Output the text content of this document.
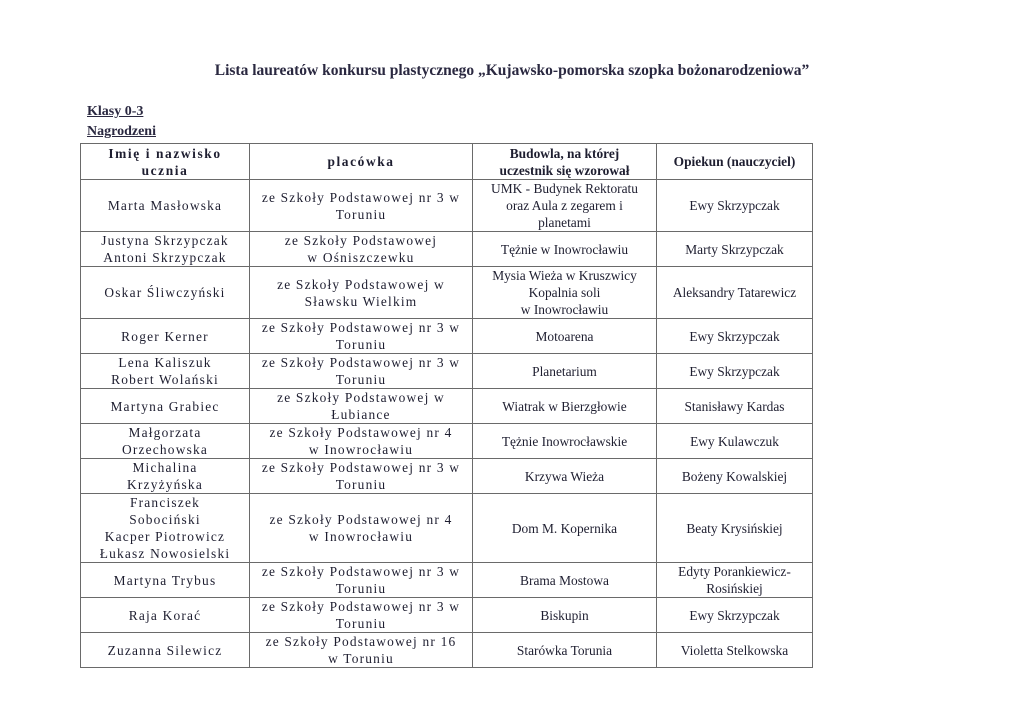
Lista laureatów konkursu plastycznego „Kujawsko-pomorska szopka bożonarodzeniowa”
Klasy 0-3
Nagrodzeni
Imię i nazwisko
ucznia	placówka	Budowla, na której
uczestnik się wzorował	Opiekun (nauczyciel)

Marta Masłowska	ze Szkoły Podstawowej nr 3 w
Toruniu	UMK - Budynek Rektoratu
oraz Aula z zegarem i
planetami	Ewy Skrzypczak

Justyna Skrzypczak
Antoni Skrzypczak	ze Szkoły Podstawowej
w Ośniszczewku	Tężnie w Inowrocławiu	Marty Skrzypczak

Oskar Śliwczyński	ze Szkoły Podstawowej w
Sławsku Wielkim	Mysia Wieża w Kruszwicy
Kopalnia soli
w Inowrocławiu	Aleksandry Tatarewicz

Roger Kerner	ze Szkoły Podstawowej nr 3 w
Toruniu	Motoarena	Ewy Skrzypczak

Lena Kaliszuk
Robert Wolański	ze Szkoły Podstawowej nr 3 w
Toruniu	Planetarium	Ewy Skrzypczak

Martyna Grabiec	ze Szkoły Podstawowej w
Łubiance	Wiatrak w Bierzgłowie	Stanisławy Kardas

Małgorzata
Orzechowska	ze Szkoły Podstawowej nr 4
w Inowrocławiu	Tężnie Inowrocławskie	Ewy Kulawczuk

Michalina
Krzyżyńska	ze Szkoły Podstawowej nr 3 w
Toruniu	Krzywa Wieża	Bożeny Kowalskiej

Franciszek
Sobociński
Kacper Piotrowicz
Łukasz Nowosielski	ze Szkoły Podstawowej nr 4
w Inowrocławiu	Dom M. Kopernika	Beaty Krysińskiej

Martyna Trybus	ze Szkoły Podstawowej nr 3 w
Toruniu	Brama Mostowa	Edyty Porankiewicz-
Rosińskiej

Raja Korać	ze Szkoły Podstawowej nr 3 w
Toruniu	Biskupin	Ewy Skrzypczak

Zuzanna Silewicz	ze Szkoły Podstawowej nr 16
w Toruniu	Starówka Torunia	Violetta Stelkowska
